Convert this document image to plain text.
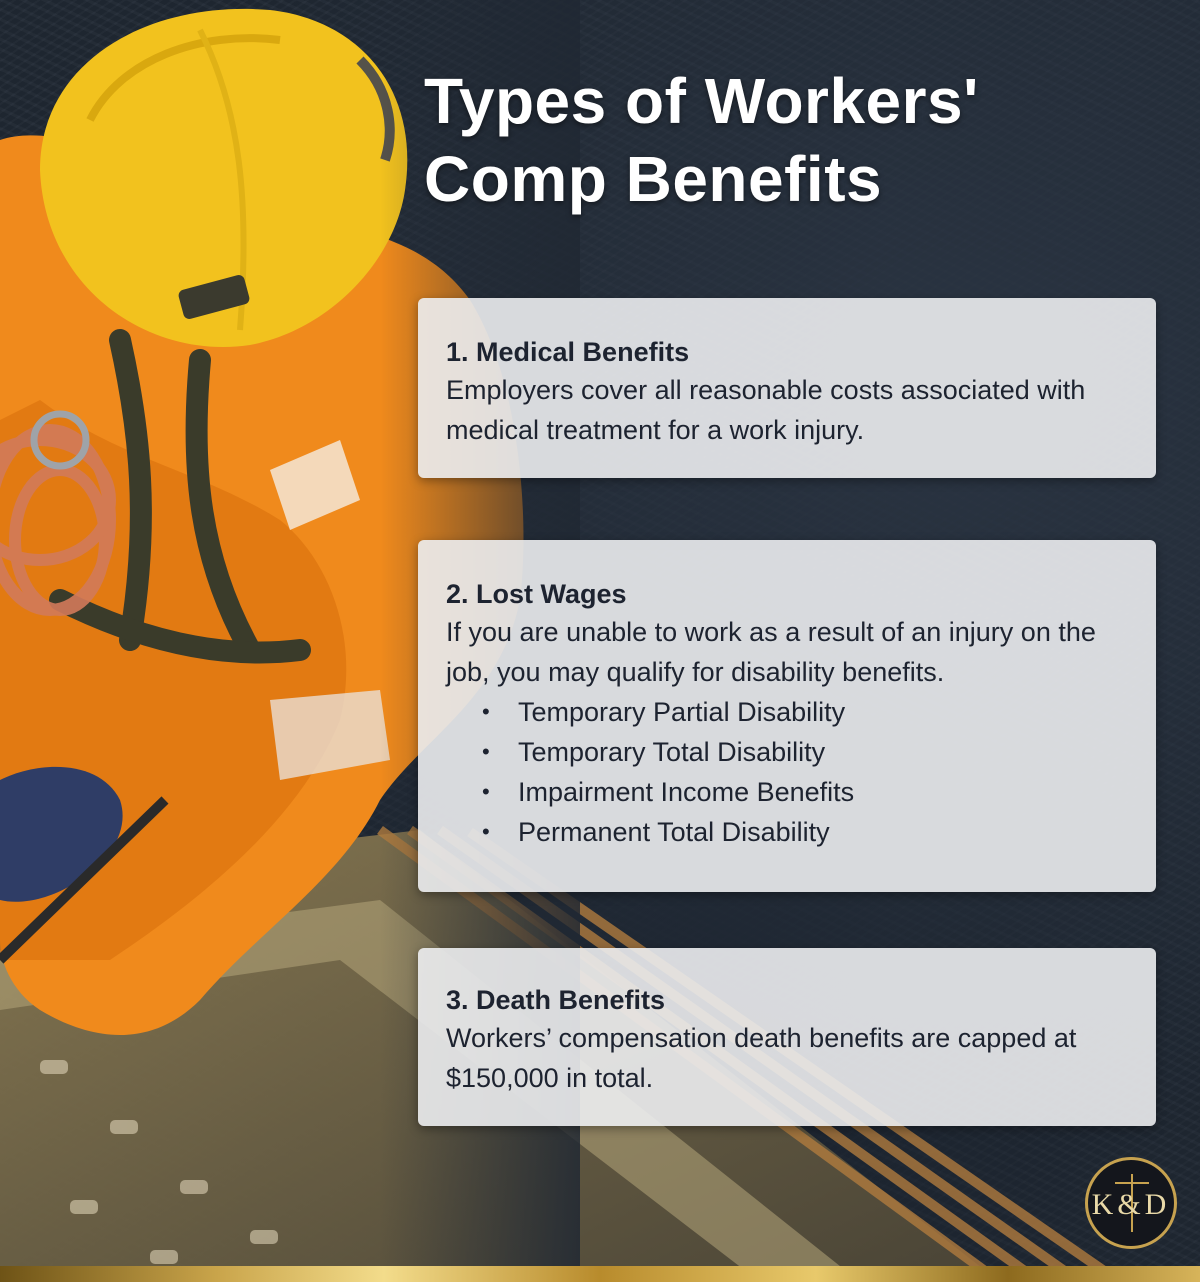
Types of Workers'
Comp Benefits
1. Medical Benefits

Employers cover all reasonable costs associated with medical treatment for a work injury.

2. Lost Wages

If you are unable to work as a result of an injury on the job, you may qualify for disability benefits.

• Temporary Partial Disability
• Temporary Total Disability
• Impairment Income Benefits
• Permanent Total Disability
3. Death Benefits

Workers’ compensation death benefits are capped at $150,000 in total.

K&D
